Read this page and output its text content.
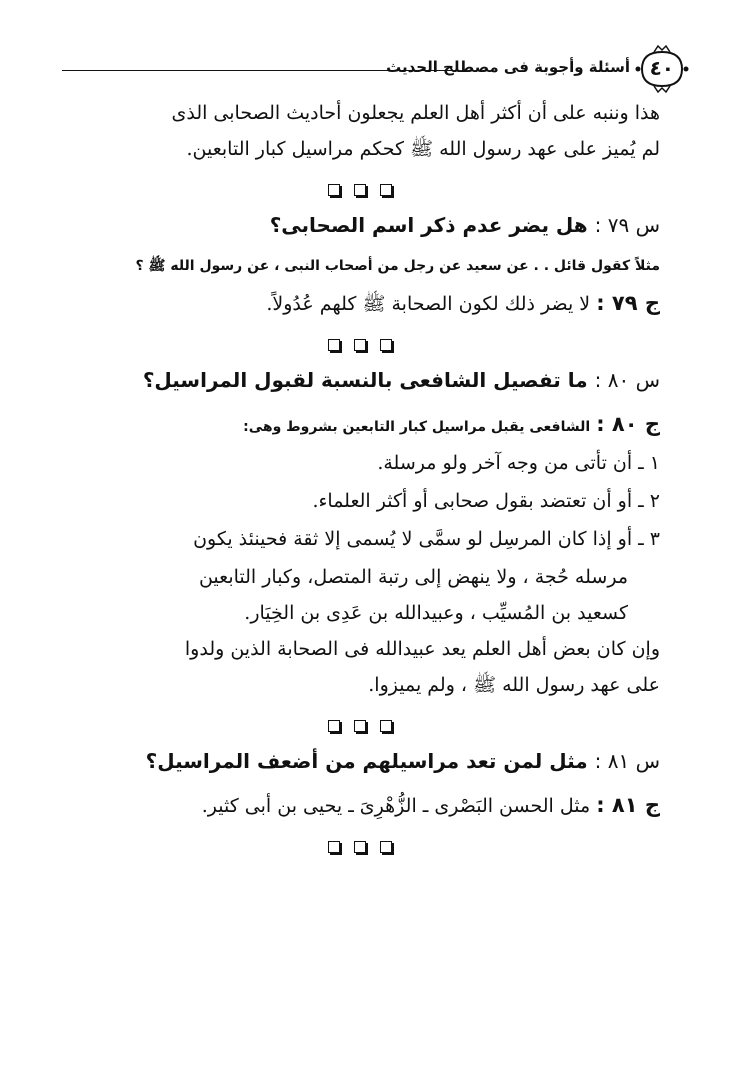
٤٠
أسئلة وأجوبة فى مصطلح الحديث

هذا وننبه على أن أكثر أهل العلم يجعلون أحاديث الصحابى الذى

لم يُميز على عهد رسول الله ﷺ كحكم مراسيل كبار التابعين.

س ٧٩ : هل يضر عدم ذكر اسم الصحابى؟

مثلاً كقول قائل . . عن سعيد عن رجل من أصحاب النبى ، عن رسول الله ﷺ ؟

ج ٧٩ : لا يضر ذلك لكون الصحابة ﷺ كلهم عُدُولاً.

س ٨٠ : ما تفصيل الشافعى بالنسبة لقبول المراسيل؟

ج ٨٠ : الشافعى يقبل مراسيل كبار التابعين بشروط وهى:

١ ـ أن تأتى من وجه آخر ولو مرسلة.

٢ ـ أو أن تعتضد بقول صحابى أو أكثر العلماء.

٣ ـ أو إذا كان المرسِل لو سمَّى لا يُسمى إلا ثقة فحينئذ يكون

مرسله حُجة ، ولا ينهض إلى رتبة المتصل، وكبار التابعين

كسعيد بن المُسيِّب ، وعبيدالله بن عَدِى بن الخِيَار.

وإن كان بعض أهل العلم يعد عبيدالله فى الصحابة الذين ولدوا

على عهد رسول الله ﷺ ، ولم يميزوا.

س ٨١ : مثل لمن تعد مراسيلهم من أضعف المراسيل؟

ج ٨١ : مثل الحسن البَصْرى ـ الزُّهْرِىَ ـ يحيى بن أبى كثير.
